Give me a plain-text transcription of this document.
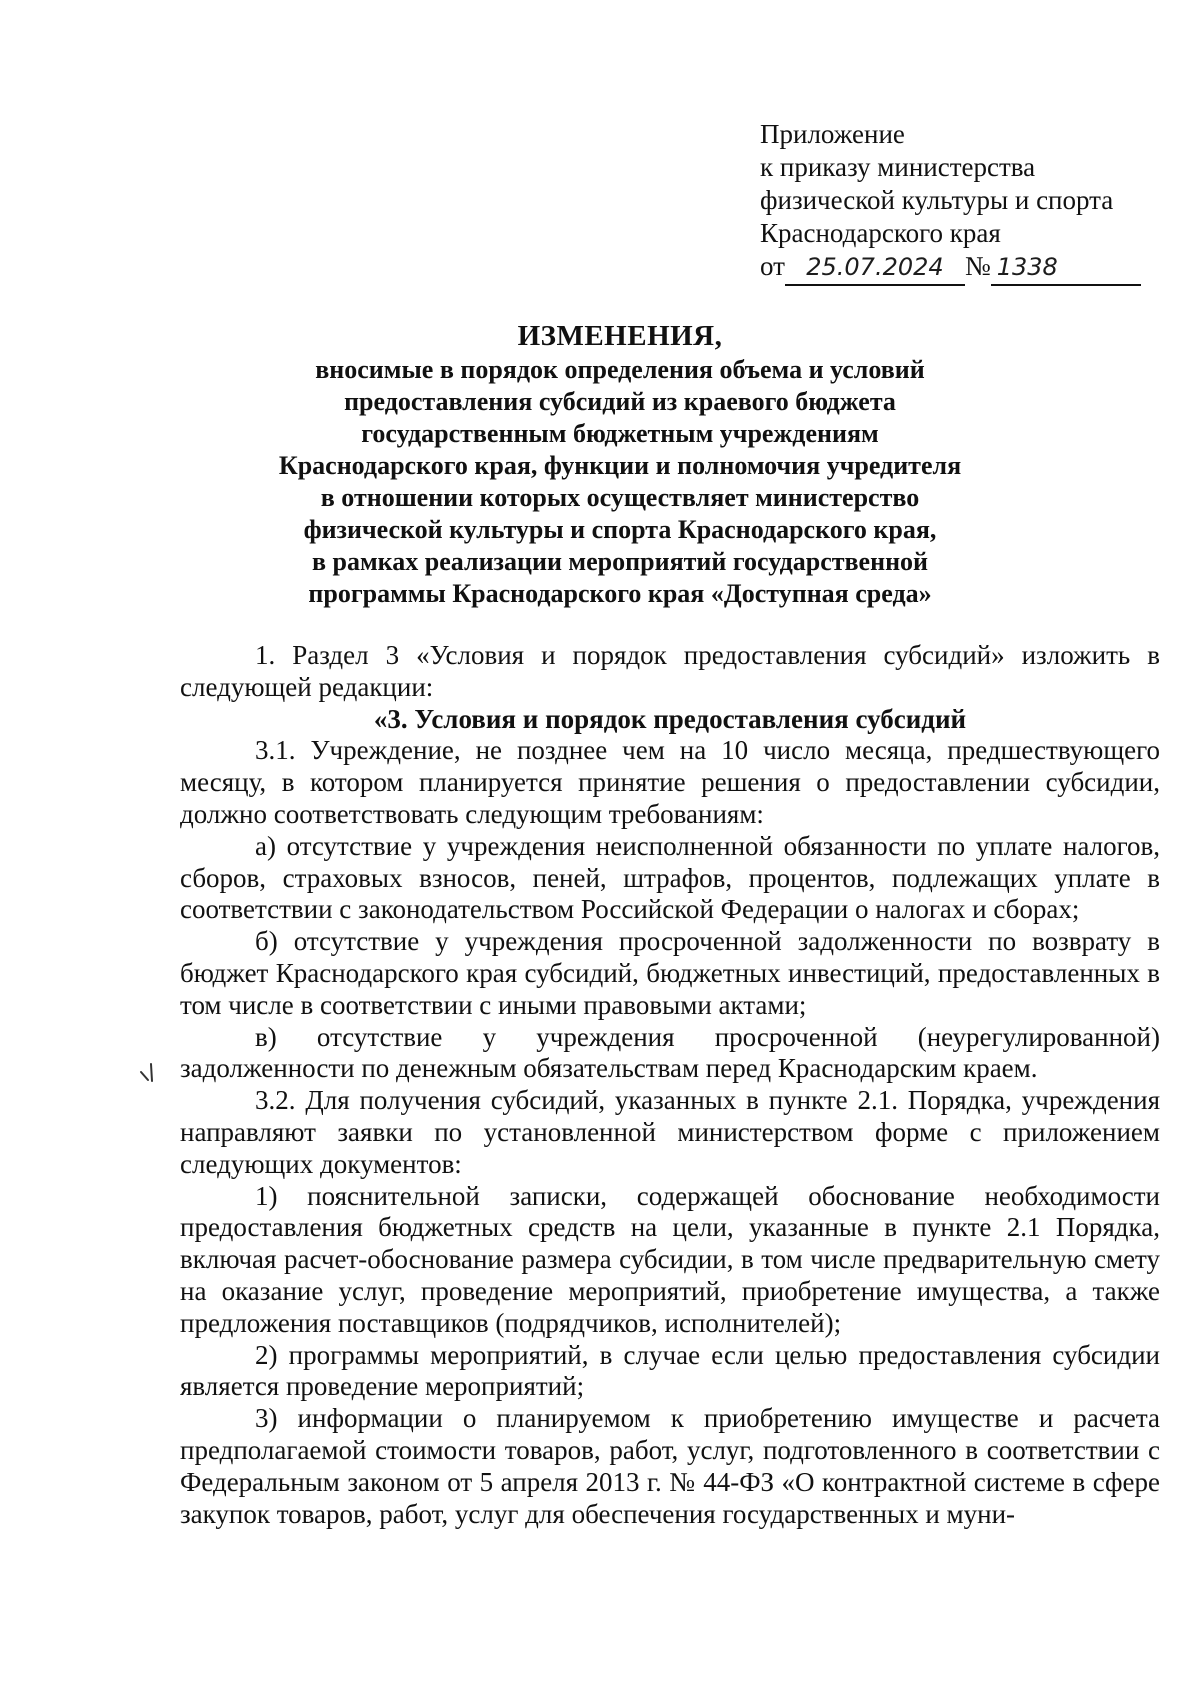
Приложение
к приказу министерства
физической культуры и спорта
Краснодарского края
от 25.07.2024 № 1338
ИЗМЕНЕНИЯ,
вносимые в порядок определения объема и условий
предоставления субсидий из краевого бюджета
государственным бюджетным учреждениям
Краснодарского края, функции и полномочия учредителя
в отношении которых осуществляет министерство
физической культуры и спорта Краснодарского края,
в рамках реализации мероприятий государственной
программы Краснодарского края «Доступная среда»

1. Раздел 3 «Условия и порядок предоставления субсидий» изложить в следующей редакции:

«3. Условия и порядок предоставления субсидий

3.1. Учреждение, не позднее чем на 10 число месяца, предшествующего месяцу, в котором планируется принятие решения о предоставлении субсидии, должно соответствовать следующим требованиям:

а) отсутствие у учреждения неисполненной обязанности по уплате налогов, сборов, страховых взносов, пеней, штрафов, процентов, подлежащих уплате в соответствии с законодательством Российской Федерации о налогах и сборах;

б) отсутствие у учреждения просроченной задолженности по возврату в бюджет Краснодарского края субсидий, бюджетных инвестиций, предоставленных в том числе в соответствии с иными правовыми актами;

в) отсутствие у учреждения просроченной (неурегулированной) задолженности по денежным обязательствам перед Краснодарским краем.

3.2. Для получения субсидий, указанных в пункте 2.1. Порядка, учреждения направляют заявки по установленной министерством форме с приложением следующих документов:

1) пояснительной записки, содержащей обоснование необходимости предоставления бюджетных средств на цели, указанные в пункте 2.1 Порядка, включая расчет-обоснование размера субсидии, в том числе предварительную смету на оказание услуг, проведение мероприятий, приобретение имущества, а также предложения поставщиков (подрядчиков, исполнителей);

2) программы мероприятий, в случае если целью предоставления субсидии является проведение мероприятий;

3) информации о планируемом к приобретению имуществе и расчета предполагаемой стоимости товаров, работ, услуг, подготовленного в соответствии с Федеральным законом от 5 апреля 2013 г. № 44-ФЗ «О контрактной системе в сфере закупок товаров, работ, услуг для обеспечения государственных и муни-
